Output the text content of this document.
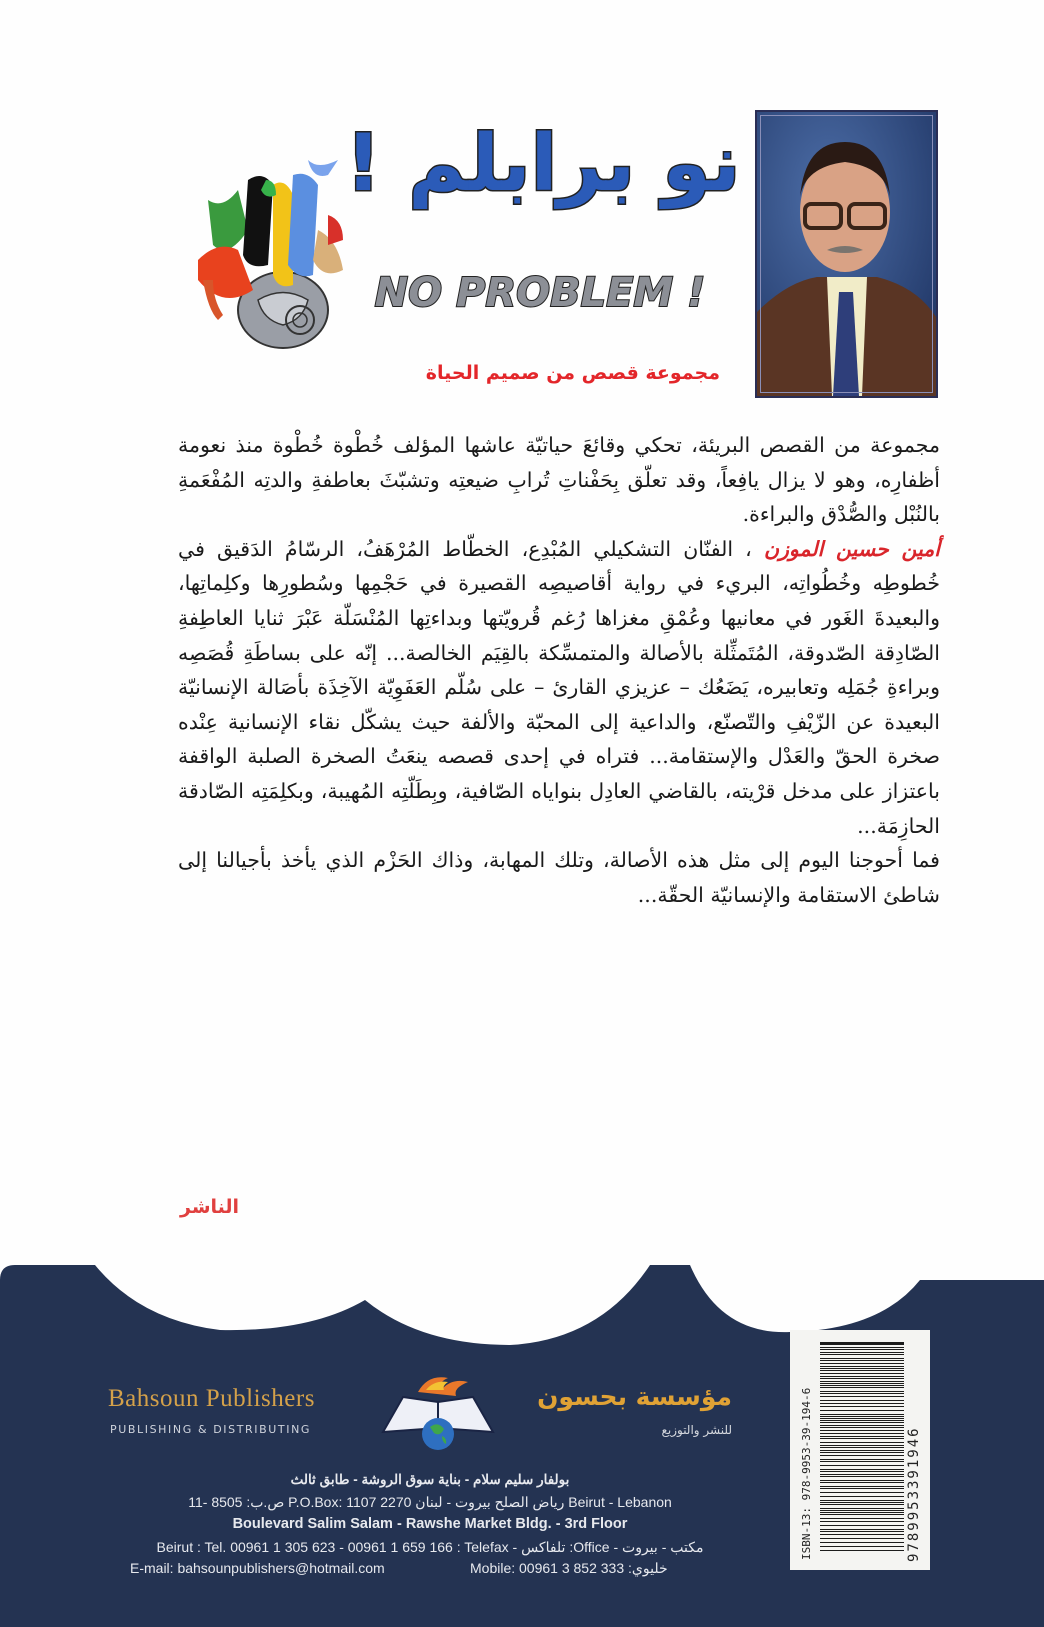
نو برابلم !
NO PROBLEM !
مجموعة قصص من صميم الحياة

مجموعة من القصص البريئة، تحكي وقائعَ حياتيّة عاشها المؤلف خُطْوة خُطْوة منذ نعومة أظفارِه، وهو لا يزال يافِعاً، وقد تعلّق بِحَفْناتِ تُرابِ ضيعتِه وتشبّثَ بعاطفةِ والدتِه المُفْعَمةِ بالنُبْل والصُّدْق والبراءة.

أمين حسين الموزن ، الفنّان التشكيلي المُبْدِع، الخطّاط المُرْهَفُ، الرسّامُ الدَقيق في خُطوطِه وخُطُواتِه، البريء في رواية أقاصيصِه القصيرة في حَجْمِها وسُطورِها وكلِماتِها، والبعيدةَ الغَور في معانيها وعُمْقِ مغزاها رُغم قُرويّتها وبداءتِها المُنْسَلّة عَبْرَ ثنايا العاطِفةِ الصّادِقة الصّدوقة، المُتَمثِّلة بالأصالة والمتمسِّكة بالقِيَم الخالصة... إنّه على بساطَةِ قُصَصِه وبراءةِ جُمَلِه وتعابيره، يَضَعُك – عزيزي القارئ – على سُلّم العَفَوِيّة الآخِذَة بأصَالة الإنسانيّة البعيدة عن الزّيْفِ والتّصنّع، والداعية إلى المحبّة والألفة حيث يشكّل نقاء الإنسانية عِنْده صخرة الحقّ والعَدْل والإستقامة... فتراه في إحدى قصصه ينعَتُ الصخرة الصلبة الواقفة باعتزاز على مدخل قرْيته، بالقاضي العادِل بنواياه الصّافية، وبِطَلّتِه المُهيبة، وبكلِمَتِه الصّادقة الحازِمَة...

فما أحوجنا اليوم إلى مثل هذه الأصالة، وتلك المهابة، وذاك الحَزْم الذي يأخذ بأجيالنا إلى شاطئ الاستقامة والإنسانيّة الحقّة...

الناشر
Bahsoun Publishers
PUBLISHING & DISTRIBUTING
مؤسسة بحسون
للنشر والتوزيع
بولفار سليم سلام - بناية سوق الروشة - طابق ثالث
ص.ب: 8505 -11 P.O.Box: رياض الصلح بيروت - لبنان 2270 1107 Beirut - Lebanon
Boulevard Salim Salam - Rawshe Market Bldg. - 3rd Floor
Beirut : Tel. 00961 1 305 623 - 00961 1 659 166 : Telefax - تلفاكس :Office - مكتب - بيروت
E-mail: bahsounpublishers@hotmail.com	Mobile: 00961 3 852 333 :خليوي
ISBN-13: 978-9953-39-194-6	9789953391946
